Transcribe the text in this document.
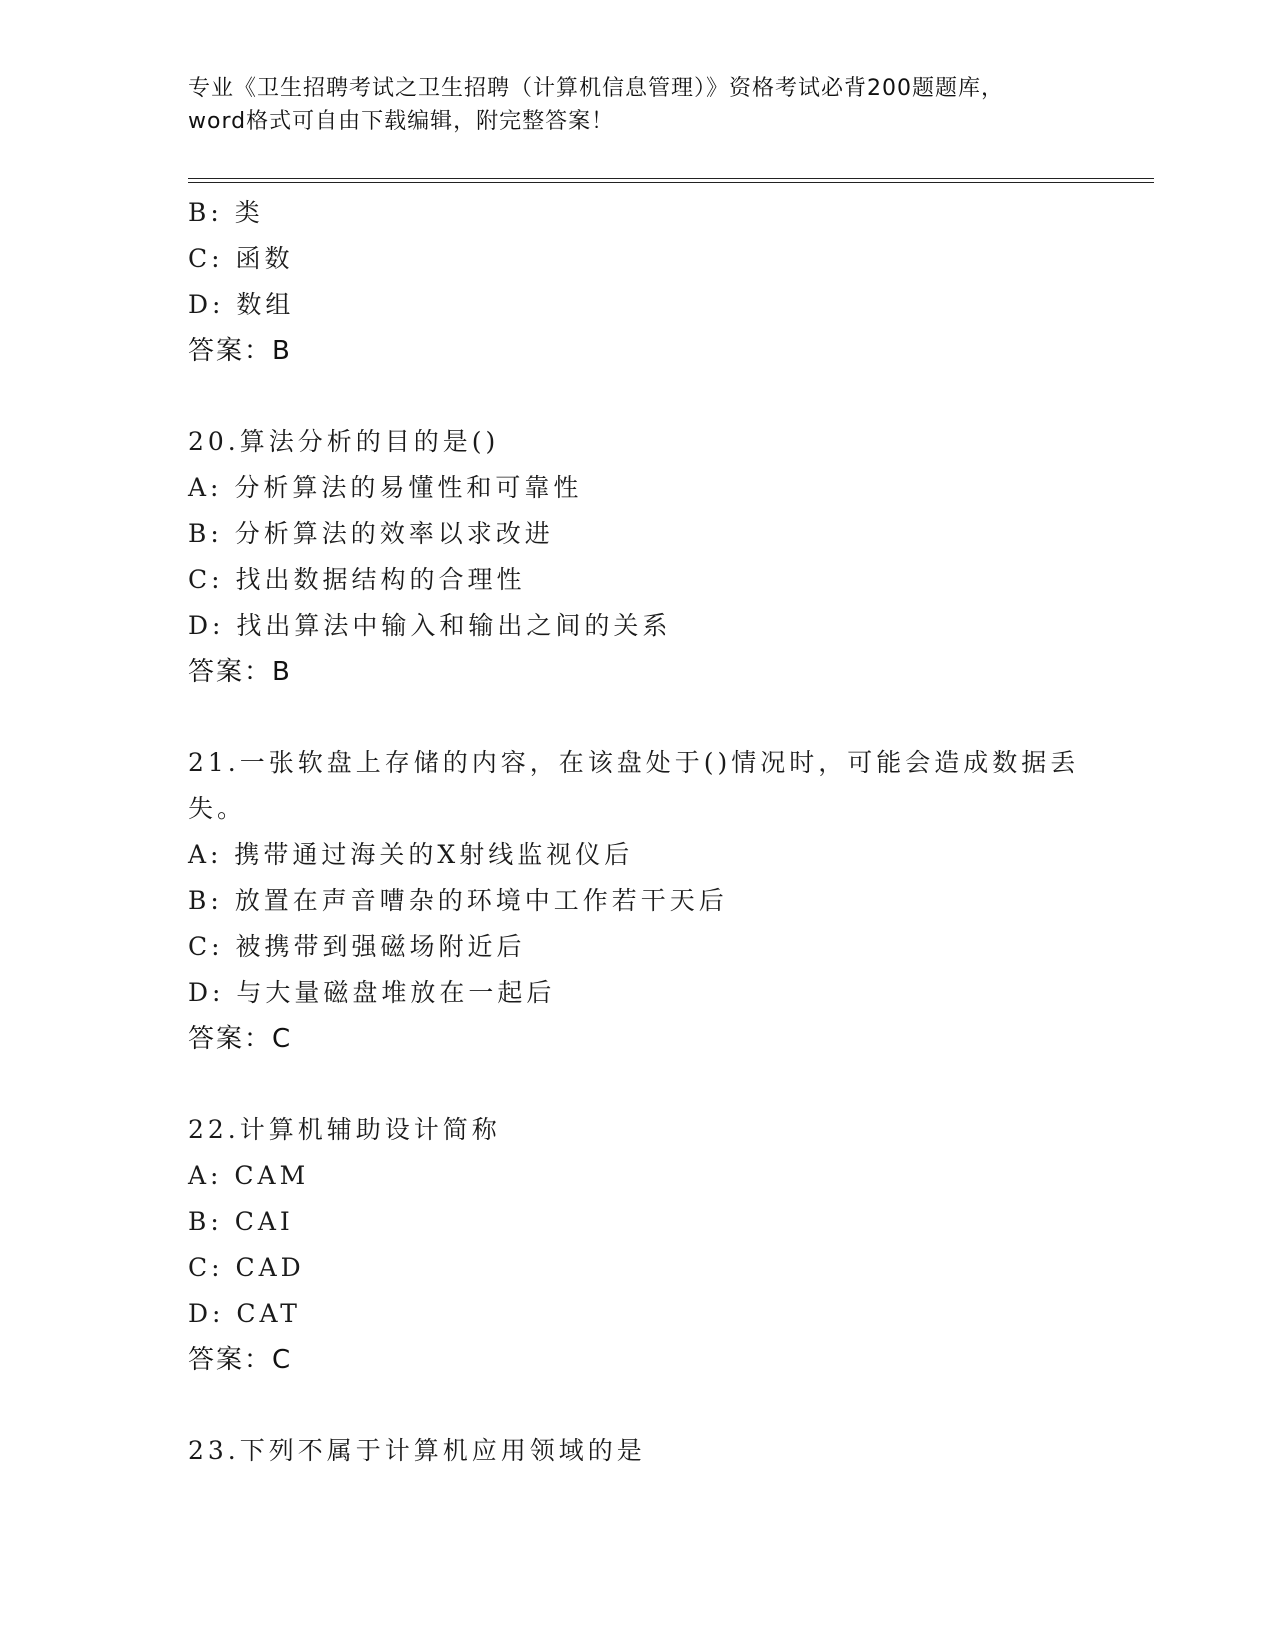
专业《卫生招聘考试之卫生招聘（计算机信息管理）》资格考试必背200题题库，
word格式可自由下载编辑，附完整答案！
B: 类
C: 函数
D: 数组
答案：B
20.算法分析的目的是()
A: 分析算法的易懂性和可靠性
B: 分析算法的效率以求改进
C: 找出数据结构的合理性
D: 找出算法中输入和输出之间的关系
答案：B
21.一张软盘上存储的内容，在该盘处于()情况时，可能会造成数据丢失。
A: 携带通过海关的X射线监视仪后
B: 放置在声音嘈杂的环境中工作若干天后
C: 被携带到强磁场附近后
D: 与大量磁盘堆放在一起后
答案：C
22.计算机辅助设计简称
A: CAM
B: CAI
C: CAD
D: CAT
答案：C
23.下列不属于计算机应用领域的是
